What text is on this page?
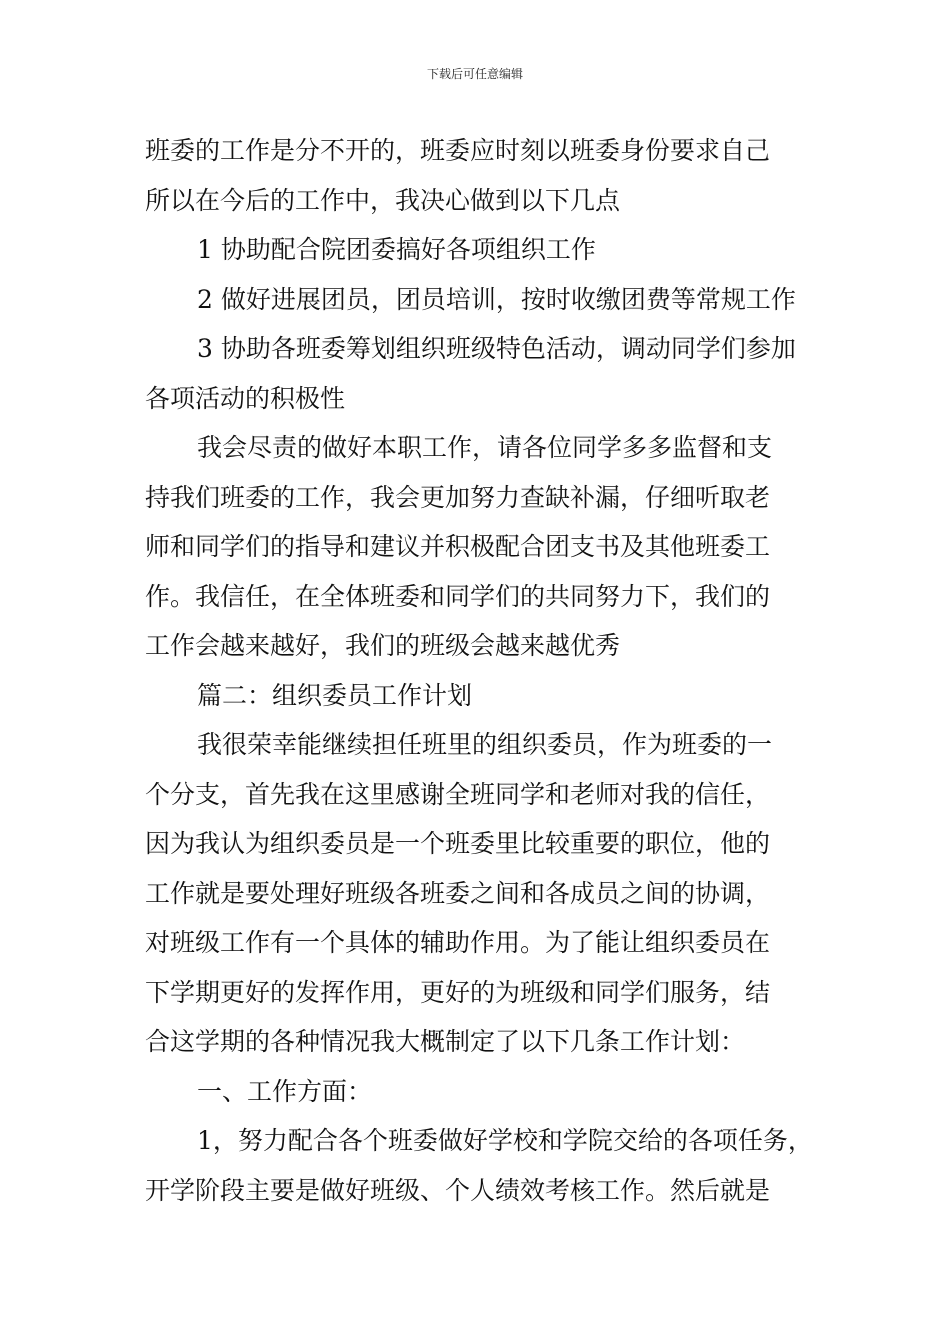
下载后可任意编辑
班委的工作是分不开的，班委应时刻以班委身份要求自己
所以在今后的工作中，我决心做到以下几点
1 协助配合院团委搞好各项组织工作
2 做好进展团员，团员培训，按时收缴团费等常规工作
3 协助各班委筹划组织班级特色活动，调动同学们参加
各项活动的积极性
我会尽责的做好本职工作，请各位同学多多监督和支
持我们班委的工作，我会更加努力查缺补漏，仔细听取老
师和同学们的指导和建议并积极配合团支书及其他班委工
作。我信任，在全体班委和同学们的共同努力下，我们的
工作会越来越好，我们的班级会越来越优秀
篇二：组织委员工作计划
我很荣幸能继续担任班里的组织委员，作为班委的一
个分支，首先我在这里感谢全班同学和老师对我的信任，
因为我认为组织委员是一个班委里比较重要的职位，他的
工作就是要处理好班级各班委之间和各成员之间的协调，
对班级工作有一个具体的辅助作用。为了能让组织委员在
下学期更好的发挥作用，更好的为班级和同学们服务，结
合这学期的各种情况我大概制定了以下几条工作计划：
一、工作方面：
1，努力配合各个班委做好学校和学院交给的各项任务，
开学阶段主要是做好班级、个人绩效考核工作。然后就是
